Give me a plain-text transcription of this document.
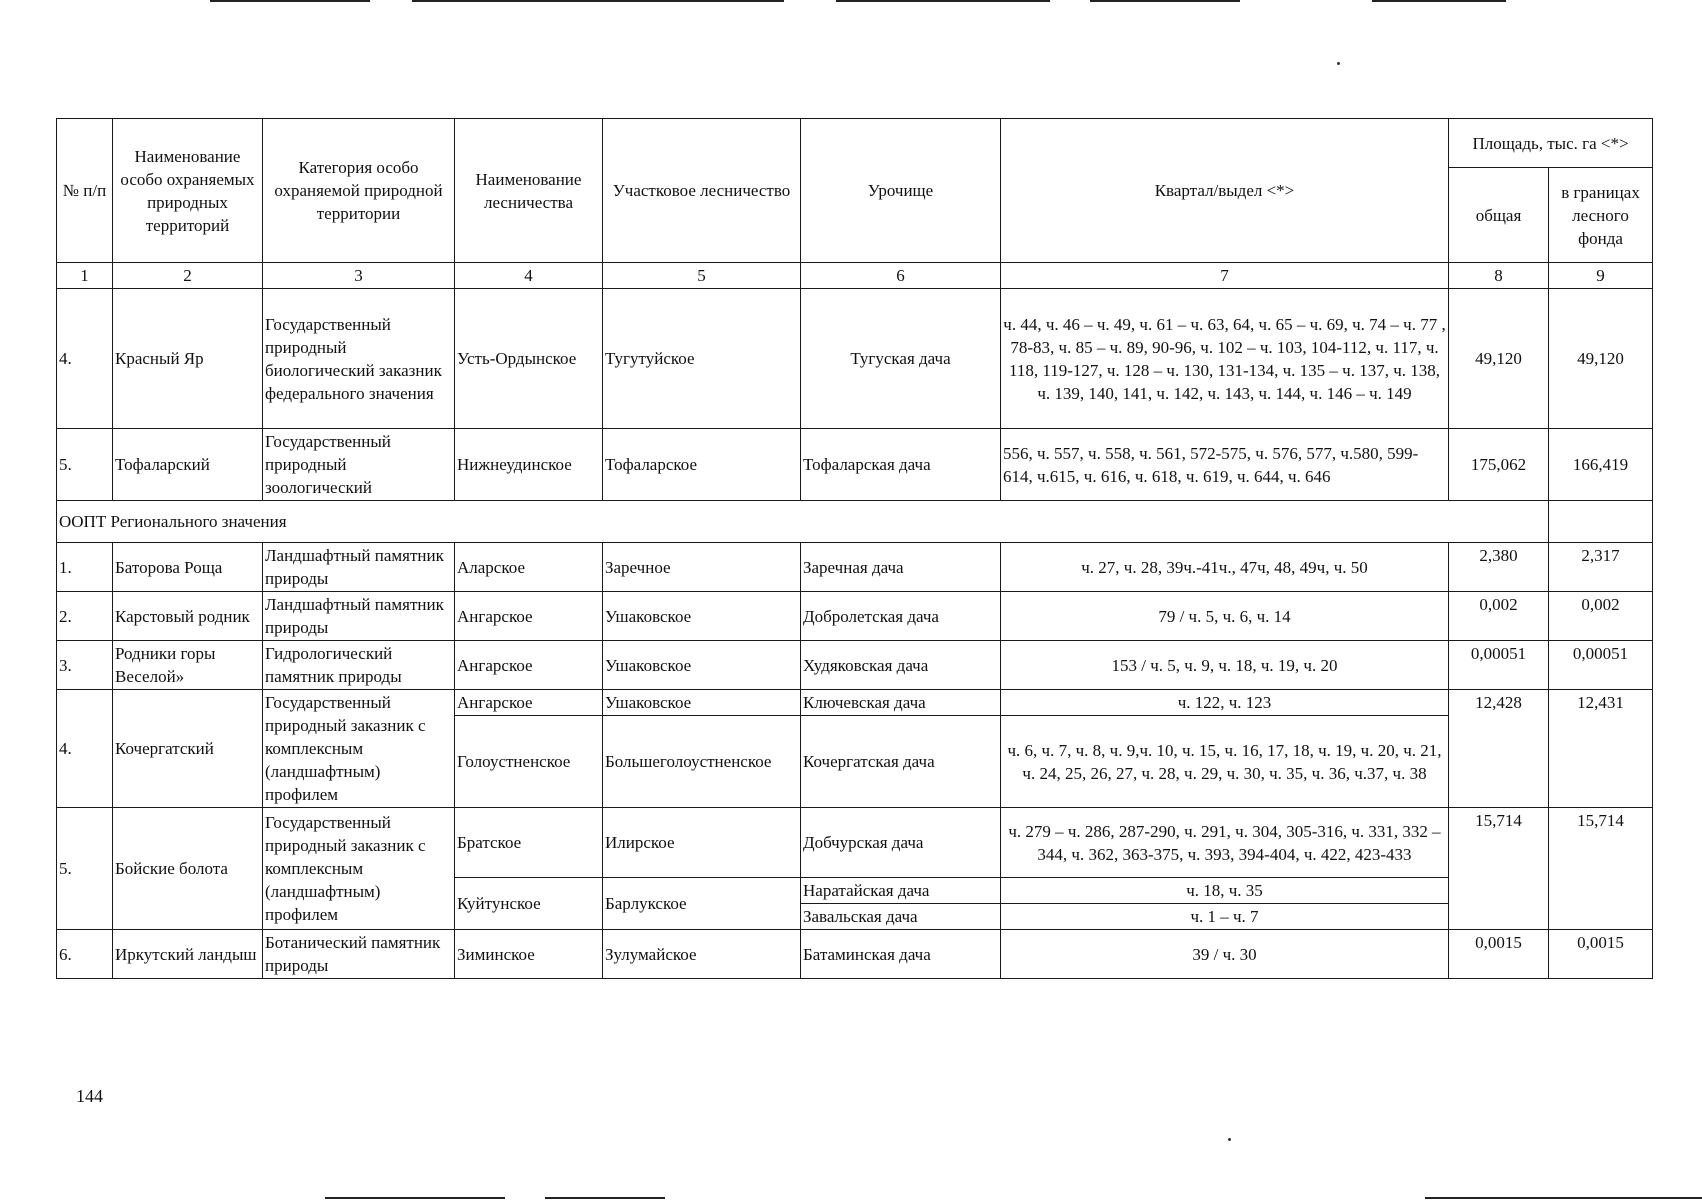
№ п/п	Наименование особо охраняемых природных территорий	Категория особо охраняемой природной территории	Наименование лесничества	Участковое лесничество	Урочище	Квартал/выдел <*>	Площадь, тыс. га <*>	
							общая	в границах лесного фонда
1	2	3	4	5	6	7	8	9
4.	Красный Яр	Государственный природный биологический заказник федерального значения	Усть-Ордынское	Тугутуйское	Тугуская дача	ч. 44, ч. 46 – ч. 49, ч. 61 – ч. 63, 64, ч. 65 – ч. 69, ч. 74 – ч. 77 , 78-83, ч. 85 – ч. 89, 90-96, ч. 102 – ч. 103, 104-112, ч. 117, ч. 118, 119-127, ч. 128 – ч. 130, 131-134, ч. 135 – ч. 137, ч. 138, ч. 139, 140, 141, ч. 142, ч. 143, ч. 144, ч. 146 – ч. 149	49,120	49,120
5.	Тофаларский	Государственный природный зоологический	Нижнеудинское	Тофаларское	Тофаларская дача	556, ч. 557, ч. 558, ч. 561, 572-575, ч. 576, 577, ч.580, 599-614, ч.615, ч. 616, ч. 618, ч. 619, ч. 644, ч. 646	175,062	166,419
ООПТ Регионального значения								
1.	Баторова Роща	Ландшафтный памятник природы	Аларское	Заречное	Заречная дача	ч. 27, ч. 28, 39ч.-41ч., 47ч, 48, 49ч, ч. 50	2,380	2,317
2.	Карстовый родник	Ландшафтный памятник природы	Ангарское	Ушаковское	Добролетская дача	79 / ч. 5, ч. 6, ч. 14	0,002	0,002
3.	Родники горы Веселой»	Гидрологический памятник природы	Ангарское	Ушаковское	Худяковская дача	153 / ч. 5, ч. 9, ч. 18, ч. 19, ч. 20	0,00051	0,00051
4.	Кочергатский	Государственный природный заказник с комплексным (ландшафтным) профилем	Ангарское	Ушаковское	Ключевская дача	ч. 122, ч. 123	12,428	12,431
			Голоустненское	Большеголоустненское	Кочергатская дача	ч. 6, ч. 7, ч. 8, ч. 9,ч. 10, ч. 15, ч. 16, 17, 18, ч. 19, ч. 20, ч. 21, ч. 24, 25, 26, 27, ч. 28, ч. 29, ч. 30, ч. 35, ч. 36, ч.37, ч. 38		
5.	Бойские болота	Государственный природный заказник с комплексным (ландшафтным) профилем	Братское	Илирское	Добчурская дача	ч. 279 – ч. 286, 287-290, ч. 291, ч. 304, 305-316, ч. 331, 332 – 344, ч. 362, 363-375, ч. 393, 394-404, ч. 422, 423-433	15,714	15,714
			Куйтунское	Барлукское	Наратайская дача	ч. 18, ч. 35		
					Завальская дача	ч. 1 – ч. 7		
6.	Иркутский ландыш	Ботанический памятник природы	Зиминское	Зулумайское	Батаминская дача	39 / ч. 30	0,0015	0,0015
144
